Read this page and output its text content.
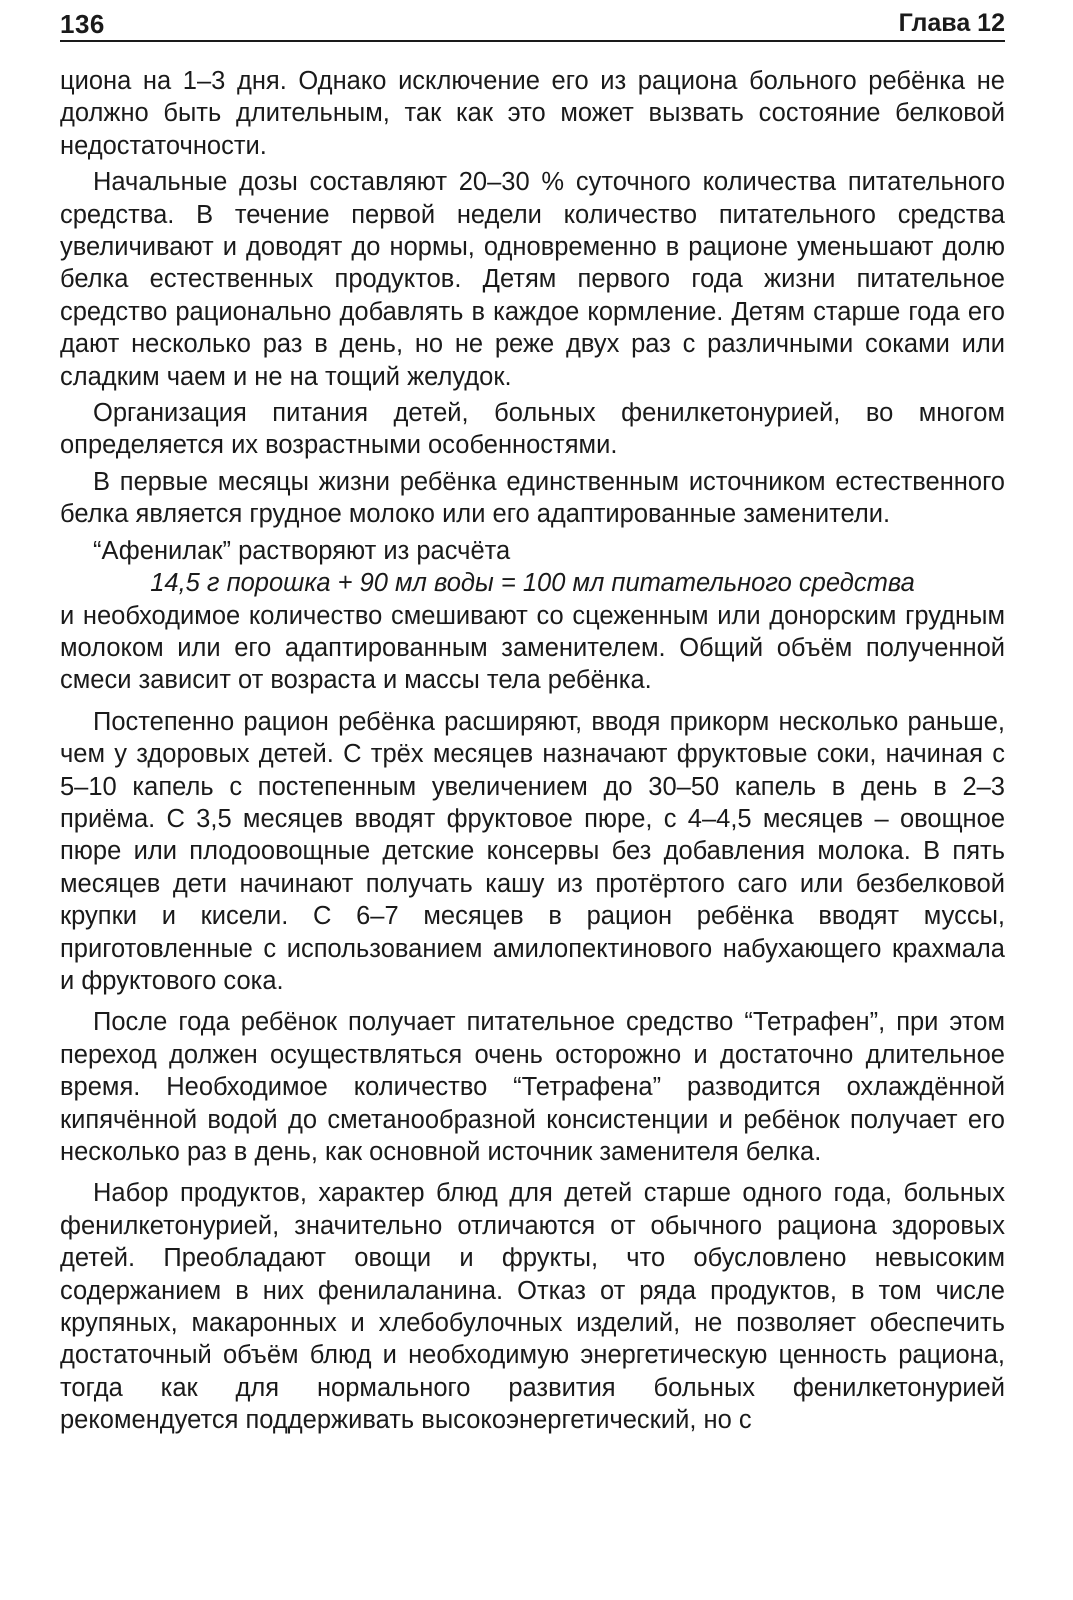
136	Глава 12

циона на 1–3 дня. Однако исключение его из рациона больного ребёнка не должно быть длительным, так как это может вызвать состояние белковой недостаточности.

Начальные дозы составляют 20–30 % суточного количества питательного средства. В течение первой недели количество питательного средства увеличивают и доводят до нормы, одновременно в рационе уменьшают долю белка естественных продуктов. Детям первого года жизни питательное средство рационально добавлять в каждое кормление. Детям старше года его дают несколько раз в день, но не реже двух раз с различными соками или сладким чаем и не на тощий желудок.

Организация питания детей, больных фенилкетонурией, во многом определяется их возрастными особенностями.

В первые месяцы жизни ребёнка единственным источником естественного белка является грудное молоко или его адаптированные заменители.

“Афенилак” растворяют из расчёта

14,5 г порошка + 90 мл воды = 100 мл питательного средства

и необходимое количество смешивают со сцеженным или донорским грудным молоком или его адаптированным заменителем. Общий объём полученной смеси зависит от возраста и массы тела ребёнка.

Постепенно рацион ребёнка расширяют, вводя прикорм несколько раньше, чем у здоровых детей. С трёх месяцев назначают фруктовые соки, начиная с 5–10 капель с постепенным увеличением до 30–50 капель в день в 2–3 приёма. С 3,5 месяцев вводят фруктовое пюре, с 4–4,5 месяцев – овощное пюре или плодоовощные детские консервы без добавления молока. В пять месяцев дети начинают получать кашу из протёртого саго или безбелковой крупки и кисели. С 6–7 месяцев в рацион ребёнка вводят муссы, приготовленные с использованием амилопектинового набухающего крахмала и фруктового сока.

После года ребёнок получает питательное средство “Тетрафен”, при этом переход должен осуществляться очень осторожно и достаточно длительное время. Необходимое количество “Тетрафена” разводится охлаждённой кипячённой водой до сметанообразной консистенции и ребёнок получает его несколько раз в день, как основной источник заменителя белка.

Набор продуктов, характер блюд для детей старше одного года, больных фенилкетонурией, значительно отличаются от обычного рациона здоровых детей. Преобладают овощи и фрукты, что обусловлено невысоким содержанием в них фенилаланина. Отказ от ряда продуктов, в том числе крупяных, макаронных и хлебобулочных изделий, не позволяет обеспечить достаточный объём блюд и необходимую энергетическую ценность рациона, тогда как для нормального развития больных фенилкетонурией рекомендуется поддерживать высокоэнергетический, но с
